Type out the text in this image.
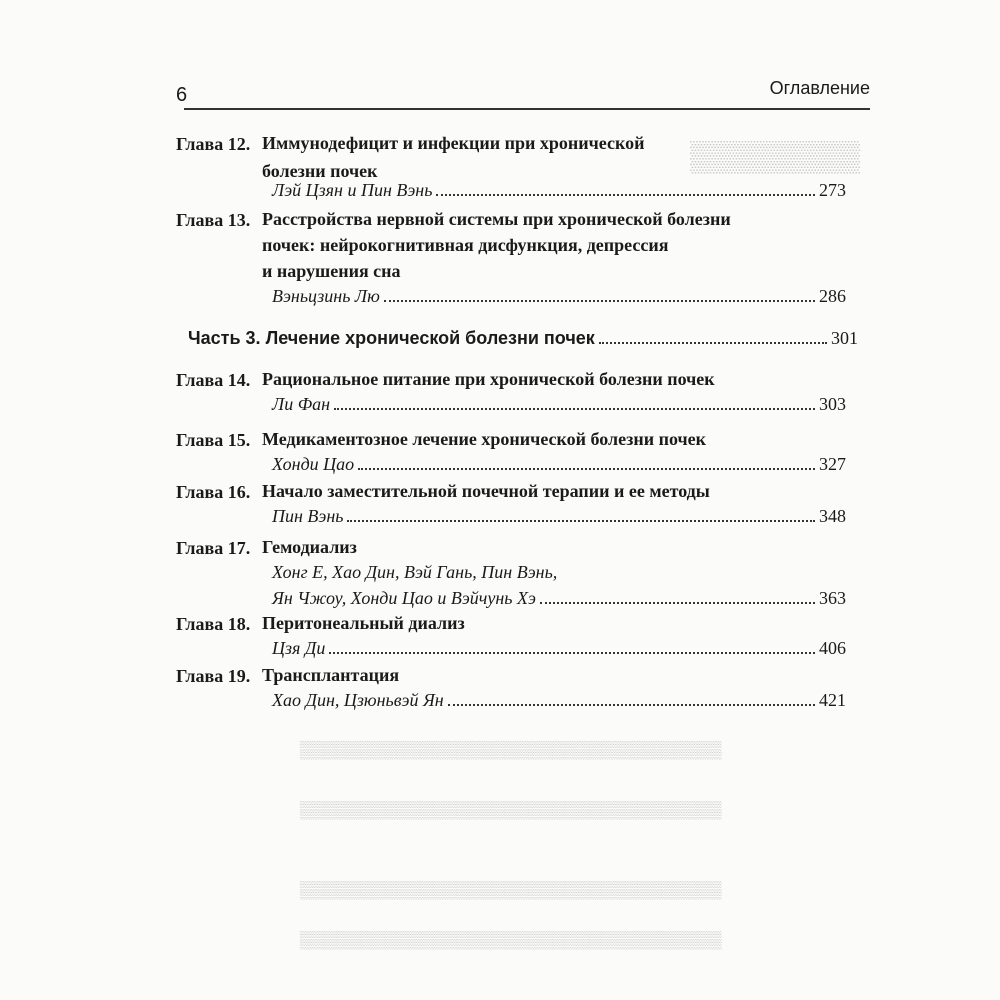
▒▒▒▒▒▒▒▒
▒▒▒▒▒▒▒▒▒▒▒▒▒▒▒▒▒▒▒▒▒▒▒▒▒▒▒▒▒▒▒▒▒▒▒
▒▒▒▒▒▒▒▒▒▒▒▒▒▒▒▒▒▒▒▒▒▒▒▒▒▒▒▒▒▒▒▒▒▒▒
▒▒▒▒▒▒▒▒▒▒▒▒▒▒▒▒▒▒▒▒▒▒▒▒▒▒▒▒▒▒▒▒▒▒▒
▒▒▒▒▒▒▒▒▒▒▒▒▒▒▒▒▒▒▒▒▒▒▒▒▒▒▒▒▒▒▒▒▒▒▒
6	Оглавление
Глава 12. Иммунодефицит и инфекции при хронической
болезни почек
Лэй Цзян и Пин Вэнь	273
Глава 13. Расстройства нервной системы при хронической болезни
почек: нейрокогнитивная дисфункция, депрессия
и нарушения сна
Вэньцзинь Лю	286
Часть 3. Лечение хронической болезни почек	301
Глава 14. Рациональное питание при хронической болезни почек
Ли Фан	303
Глава 15. Медикаментозное лечение хронической болезни почек
Хонди Цао	327
Глава 16. Начало заместительной почечной терапии и ее методы
Пин Вэнь	348
Глава 17. Гемодиализ
Хонг Е, Хао Дин, Вэй Гань, Пин Вэнь,
Ян Чжоу, Хонди Цао и Вэйчунь Хэ	363
Глава 18. Перитонеальный диализ
Цзя Ди	406
Глава 19. Трансплантация
Хао Дин, Цзюньвэй Ян	421
